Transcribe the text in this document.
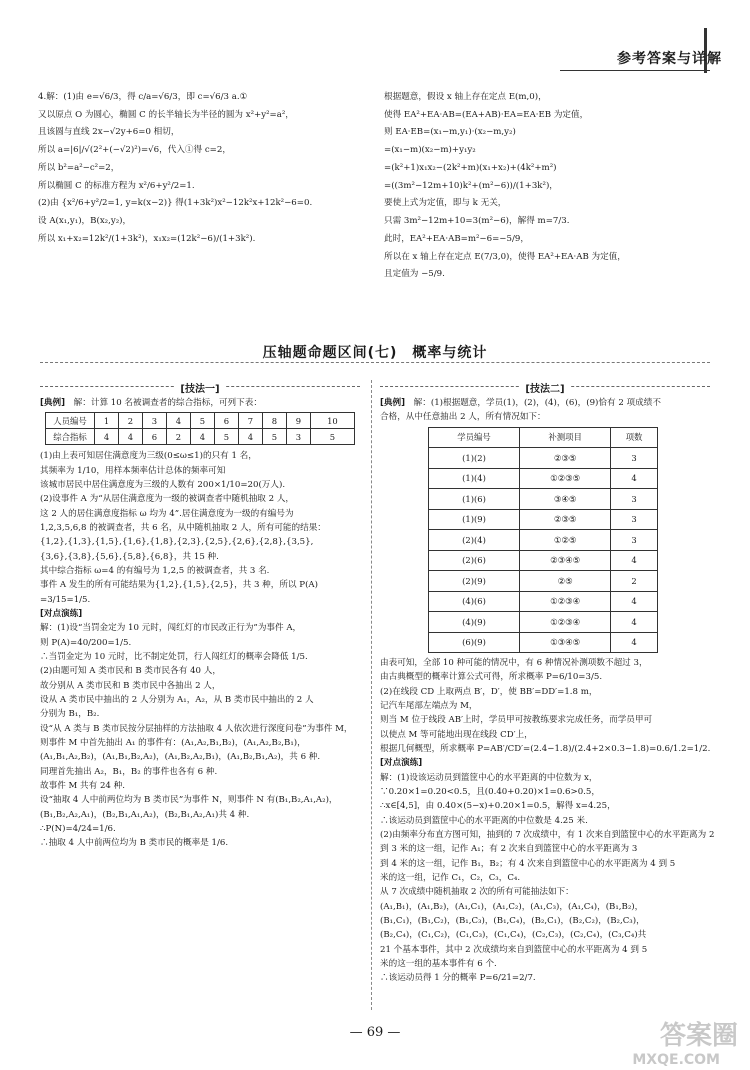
参考答案与详解
4.解：(1)由 e=√6/3，得 c/a=√6/3，即 c=√6/3 a.①
又以原点 O 为圆心，椭圆 C 的长半轴长为半径的圆为 x²+y²=a²，
且该圆与直线 2x−√2y+6=0 相切，
所以 a=|6|/√(2²+(−√2)²)=√6，代入①得 c=2，
所以 b²=a²−c²=2，
所以椭圆 C 的标准方程为 x²/6+y²/2=1.
(2)由 {x²/6+y²/2=1, y=k(x−2)} 得(1+3k²)x²−12k²x+12k²−6=0.
设 A(x₁,y₁)，B(x₂,y₂)，
所以 x₁+x₂=12k²/(1+3k²)，x₁x₂=(12k²−6)/(1+3k²).
根据题意，假设 x 轴上存在定点 E(m,0)，
使得 EA²+EA·AB=(EA+AB)·EA=EA·EB 为定值，
则 EA·EB=(x₁−m,y₁)·(x₂−m,y₂)
=(x₁−m)(x₂−m)+y₁y₂
=(k²+1)x₁x₂−(2k²+m)(x₁+x₂)+(4k²+m²)
=((3m²−12m+10)k²+(m²−6))/(1+3k²)，
要使上式为定值，即与 k 无关，
只需 3m²−12m+10=3(m²−6)，解得 m=7/3.
此时，EA²+EA·AB=m²−6=−5/9，
所以在 x 轴上存在定点 E(7/3,0)，使得 EA²+EA·AB 为定值，
且定值为 −5/9.
压轴题命题区间(七)　概率与统计
[技法一]	[技法二]
[典例]　 解：计算 10 名被调查者的综合指标，可列下表：
人员编号	1	2	3	4	5	6	7	8	9	10
综合指标	4	4	6	2	4	5	4	5	3	5
(1)由上表可知居住满意度为三级(0≤ω≤1)的只有 1 名，
其频率为 1/10，用样本频率估计总体的频率可知
该城市居民中居住满意度为三级的人数有 200×1/10=20(万人).
(2)设事件 A 为“从居住满意度为一级的被调查者中随机抽取 2 人，
这 2 人的居住满意度指标 ω 均为 4”.居住满意度为一级的有编号为
1,2,3,5,6,8 的被调查者，共 6 名，从中随机抽取 2 人，所有可能的结果：
{1,2},{1,3},{1,5},{1,6},{1,8},{2,3},{2,5},{2,6},{2,8},{3,5},
{3,6},{3,8},{5,6},{5,8},{6,8}，共 15 种.
其中综合指标 ω=4 的有编号为 1,2,5 的被调查者，共 3 名.
事件 A 发生的所有可能结果为{1,2},{1,5},{2,5}，共 3 种，所以 P(A)
=3/15=1/5.
[对点演练]
解：(1)设“当罚金定为 10 元时，闯红灯的市民改正行为”为事件 A，
则 P(A)=40/200=1/5.
∴当罚金定为 10 元时，比不制定处罚，行人闯红灯的概率会降低 1/5.
(2)由题可知 A 类市民和 B 类市民各有 40 人，
故分别从 A 类市民和 B 类市民中各抽出 2 人，
设从 A 类市民中抽出的 2 人分别为 A₁，A₂，从 B 类市民中抽出的 2 人
分别为 B₁，B₂.
设“从 A 类与 B 类市民按分层抽样的方法抽取 4 人依次进行深度问卷”为事件 M，
则事件 M 中首先抽出 A₁ 的事件有：(A₁,A₂,B₁,B₂)，(A₁,A₂,B₂,B₁)，
(A₁,B₁,A₂,B₂)，(A₁,B₁,B₂,A₂)，(A₁,B₂,A₂,B₁)，(A₁,B₂,B₁,A₂)，共 6 种.
同理首先抽出 A₂，B₁，B₂ 的事件也各有 6 种.
故事件 M 共有 24 种.
设“抽取 4 人中前两位均为 B 类市民”为事件 N，则事件 N 有(B₁,B₂,A₁,A₂)，
(B₁,B₂,A₂,A₁)，(B₂,B₁,A₁,A₂)，(B₂,B₁,A₂,A₁)共 4 种.
∴P(N)=4/24=1/6.
∴抽取 4 人中前两位均为 B 类市民的概率是 1/6.
[典例]　 解：(1)根据题意，学员(1)，(2)，(4)，(6)，(9)恰有 2 项成绩不
合格，从中任意抽出 2 人，所有情况如下：
学员编号	补测项目	项数
(1)(2)	②③⑤	3
(1)(4)	①②③⑤	4
(1)(6)	③④⑤	3
(1)(9)	②③⑤	3
(2)(4)	①②⑤	3
(2)(6)	②③④⑤	4
(2)(9)	②⑤	2
(4)(6)	①②③④	4
(4)(9)	①②③④	4
(6)(9)	①③④⑤	4
由表可知，全部 10 种可能的情况中，有 6 种情况补测项数不超过 3，
由古典概型的概率计算公式可得，所求概率 P=6/10=3/5.
(2)在线段 CD 上取两点 B′，D′，使 BB′=DD′=1.8 m，
记汽车尾部左端点为 M，
则当 M 位于线段 AB′上时，学员甲可按教练要求完成任务，而学员甲可
以使点 M 等可能地出现在线段 CD′上，
根据几何概型，所求概率 P=AB′/CD′=(2.4−1.8)/(2.4+2×0.3−1.8)=0.6/1.2=1/2.
[对点演练]
解：(1)设该运动员到篮筐中心的水平距离的中位数为 x，
∵0.20×1=0.20<0.5，且(0.40+0.20)×1=0.6>0.5，
∴x∈[4,5]，由 0.40×(5−x)+0.20×1=0.5，解得 x=4.25，
∴该运动员到篮筐中心的水平距离的中位数是 4.25 米.
(2)由频率分布直方图可知，抽到的 7 次成绩中，有 1 次来自到篮筐中心的水平距离为 2
到 3 米的这一组，记作 A₁；有 2 次来自到篮筐中心的水平距离为 3
到 4 米的这一组，记作 B₁，B₂；有 4 次来自到篮筐中心的水平距离为 4 到 5
米的这一组，记作 C₁，C₂，C₃，C₄.
从 7 次成绩中随机抽取 2 次的所有可能抽法如下：
(A₁,B₁)，(A₁,B₂)，(A₁,C₁)，(A₁,C₂)，(A₁,C₃)，(A₁,C₄)，(B₁,B₂)，
(B₁,C₁)，(B₁,C₂)，(B₁,C₃)，(B₁,C₄)，(B₂,C₁)，(B₂,C₂)，(B₂,C₃)，
(B₂,C₄)，(C₁,C₂)，(C₁,C₃)，(C₁,C₄)，(C₂,C₃)，(C₂,C₄)，(C₃,C₄)共
21 个基本事件，其中 2 次成绩均来自到篮筐中心的水平距离为 4 到 5
米的这一组的基本事件有 6 个.
∴该运动员得 1 分的概率 P=6/21=2/7.
— 69 —	答案圈
MXQE.COM
